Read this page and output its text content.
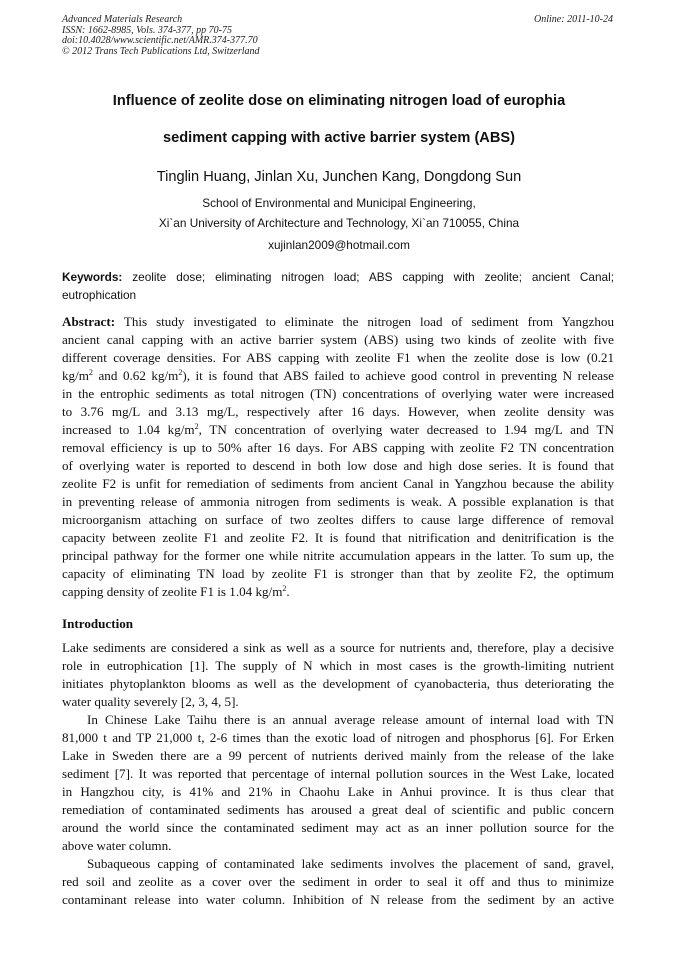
Advanced Materials Research
ISSN: 1662-8985, Vols. 374-377, pp 70-75
doi:10.4028/www.scientific.net/AMR.374-377.70
© 2012 Trans Tech Publications Ltd, Switzerland
Online: 2011-10-24
Influence of zeolite dose on eliminating nitrogen load of europhia
sediment capping with active barrier system (ABS)
Tinglin Huang, Jinlan Xu, Junchen Kang, Dongdong Sun
School of Environmental and Municipal Engineering,
Xi`an University of Architecture and Technology, Xi`an 710055, China
xujinlan2009@hotmail.com
Keywords: zeolite dose; eliminating nitrogen load; ABS capping with zeolite; ancient Canal; eutrophication
Abstract: This study investigated to eliminate the nitrogen load of sediment from Yangzhou
ancient canal capping with an active barrier system (ABS) using two kinds of zeolite with five
different coverage densities. For ABS capping with zeolite F1 when the zeolite dose is low (0.21
$kg/m^2$ and 0.62 $kg/m^2$), it is found that ABS failed to achieve good control in preventing N release
in the entrophic sediments as total nitrogen (TN) concentrations of overlying water were increased
to 3.76 mg/L and 3.13 mg/L, respectively after 16 days. However, when zeolite density was
increased to 1.04 $kg/m^2$, TN concentration of overlying water decreased to 1.94 mg/L and TN
removal efficiency is up to 50% after 16 days. For ABS capping with zeolite F2 TN concentration
of overlying water is reported to descend in both low dose and high dose series. It is found that
zeolite F2 is unfit for remediation of sediments from ancient Canal in Yangzhou because the ability
in preventing release of ammonia nitrogen from sediments is weak. A possible explanation is that
microorganism attaching on surface of two zeoltes differs to cause large difference of removal
capacity between zeolite F1 and zeolite F2. It is found that nitrification and denitrification is the
principal pathway for the former one while nitrite accumulation appears in the latter. To sum up, the
capacity of eliminating TN load by zeolite F1 is stronger than that by zeolite F2, the optimum
capping density of zeolite F1 is 1.04 $kg/m^2$.
Introduction
Lake sediments are considered a sink as well as a source for nutrients and, therefore, play a decisive
role in eutrophication [1]. The supply of N which in most cases is the growth-limiting nutrient
initiates phytoplankton blooms as well as the development of cyanobacteria, thus deteriorating the
water quality severely [2, 3, 4, 5].
In Chinese Lake Taihu there is an annual average release amount of internal load with TN
81,000 t and TP 21,000 t, 2-6 times than the exotic load of nitrogen and phosphorus [6]. For Erken
Lake in Sweden there are a 99 percent of nutrients derived mainly from the release of the lake
sediment [7]. It was reported that percentage of internal pollution sources in the West Lake, located
in Hangzhou city, is 41% and 21% in Chaohu Lake in Anhui province. It is thus clear that
remediation of contaminated sediments has aroused a great deal of scientific and public concern
around the world since the contaminated sediment may act as an inner pollution source for the
above water column.
Subaqueous capping of contaminated lake sediments involves the placement of sand, gravel,
red soil and zeolite as a cover over the sediment in order to seal it off and thus to minimize
contaminant release into water column. Inhibition of N release from the sediment by an active
